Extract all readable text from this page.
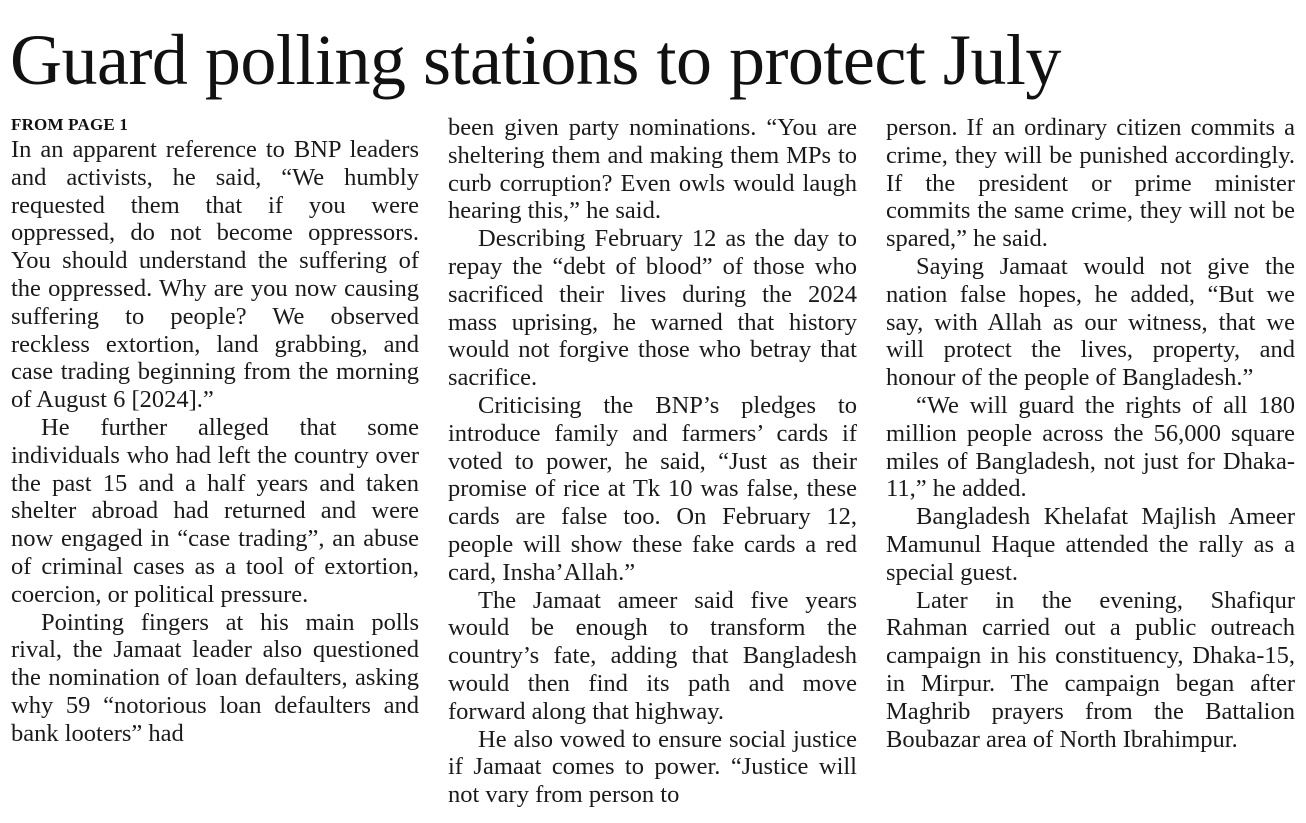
Guard polling stations to protect July
FROM PAGE 1

In an apparent reference to BNP leaders and activists, he said, “We humbly requested them that if you were oppressed, do not become oppressors. You should understand the suffering of the oppressed. Why are you now causing suffering to people? We observed reckless extortion, land grabbing, and case trading beginning from the morning of August 6 [2024].”

He further alleged that some individuals who had left the country over the past 15 and a half years and taken shelter abroad had returned and were now engaged in “case trading”, an abuse of criminal cases as a tool of extortion, coercion, or political pressure.

Pointing fingers at his main polls rival, the Jamaat leader also questioned the nomination of loan defaulters, asking why 59 “notorious loan defaulters and bank looters” had

been given party nominations. “You are sheltering them and making them MPs to curb corruption? Even owls would laugh hearing this,” he said.

Describing February 12 as the day to repay the “debt of blood” of those who sacrificed their lives during the 2024 mass uprising, he warned that history would not forgive those who betray that sacrifice.

Criticising the BNP’s pledges to introduce family and farmers’ cards if voted to power, he said, “Just as their promise of rice at Tk 10 was false, these cards are false too. On February 12, people will show these fake cards a red card, Insha’Allah.”

The Jamaat ameer said five years would be enough to transform the country’s fate, adding that Bangladesh would then find its path and move forward along that highway.

He also vowed to ensure social justice if Jamaat comes to power. “Justice will not vary from person to

person. If an ordinary citizen commits a crime, they will be punished accordingly. If the president or prime minister commits the same crime, they will not be spared,” he said.

Saying Jamaat would not give the nation false hopes, he added, “But we say, with Allah as our witness, that we will protect the lives, property, and honour of the people of Bangladesh.”

“We will guard the rights of all 180 million people across the 56,000 square miles of Bangladesh, not just for Dhaka-11,” he added.

Bangladesh Khelafat Majlish Ameer Mamunul Haque attended the rally as a special guest.

Later in the evening, Shafiqur Rahman carried out a public outreach campaign in his constituency, Dhaka-15, in Mirpur. The campaign began after Maghrib prayers from the Battalion Boubazar area of North Ibrahimpur.
